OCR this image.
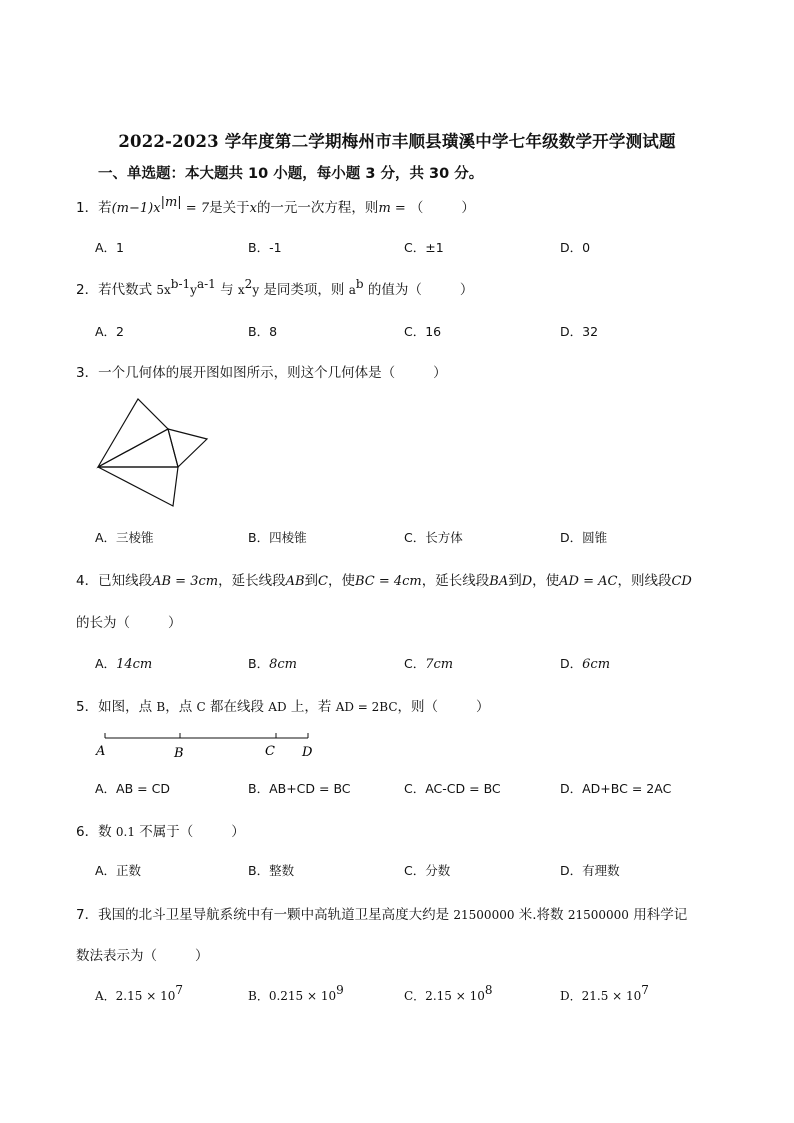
2022-2023 学年度第二学期梅州市丰顺县璜溪中学七年级数学开学测试题
一、单选题：本大题共 10 小题，每小题 3 分，共 30 分。
1．若$(m-1)x^{|m|} = 7$是关于x的一元一次方程，则m = （	）
A．1	B．-1	C．±1	D．0
2．若代数式 $5x^{b-1}y^{a-1}$ 与 $x^2y$ 是同类项，则 $a^b$ 的值为（	）
A．2	B．8	C．16	D．32
3．一个几何体的展开图如图所示，则这个几何体是（	）
A．三棱锥	B．四棱锥	C．长方体	D．圆锥
4．已知线段AB = 3cm，延长线段AB到C，使BC = 4cm，延长线段BA到D，使AD = AC，则线段CD
的长为（	）
A．14cm	B．8cm	C．7cm	D．6cm
5．如图，点 B，点 C 都在线段 AD 上，若 AD = 2BC，则（	）
A	B	C D
A．AB = CD	B．AB+CD = BC	C．AC-CD = BC	D．AD+BC = 2AC
6．数 0.1 不属于（	）
A．正数	B．整数	C．分数	D．有理数
7．我国的北斗卫星导航系统中有一颗中高轨道卫星高度大约是 21500000 米.将数 21500000 用科学记
数法表示为（	）
A．$2.15 \times 10^7$	B．$0.215 \times 10^9$	C．$2.15 \times 10^8$	D．$21.5 \times 10^7$
